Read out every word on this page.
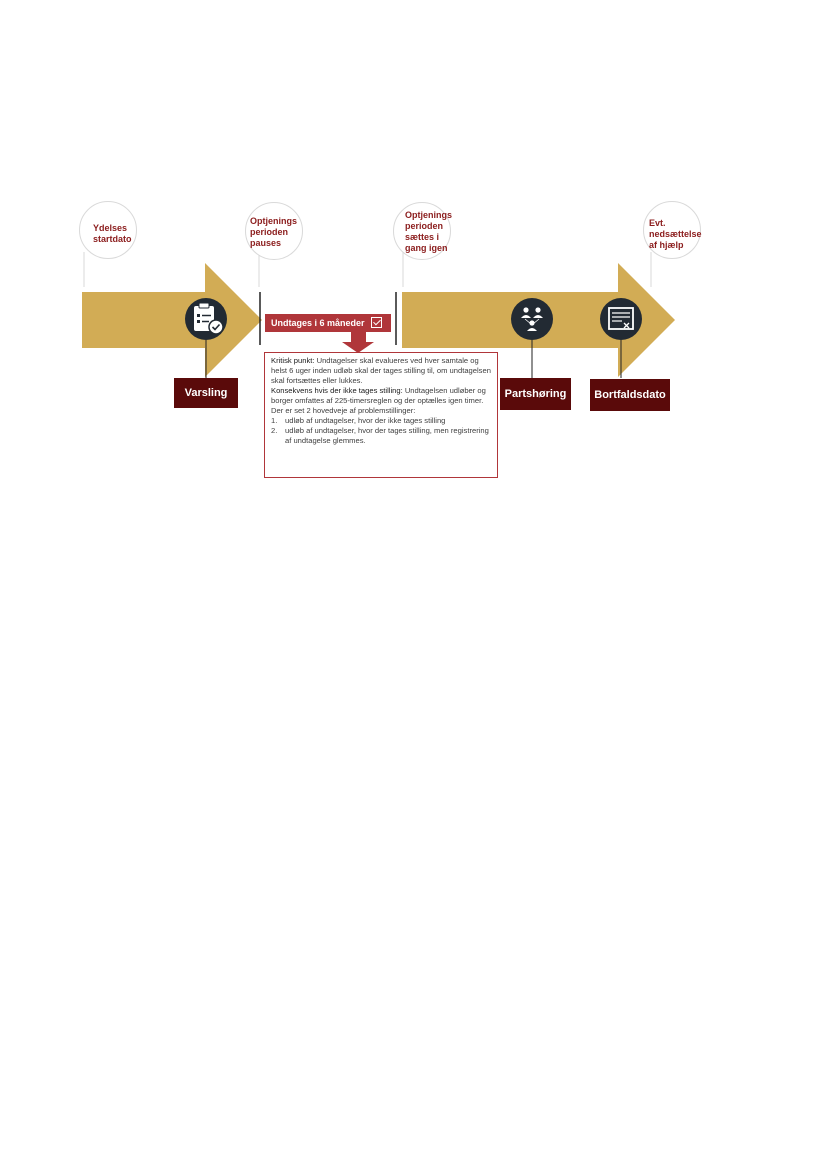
Ydelses
startdato
Optjenings
perioden
pauses
Optjenings
perioden
sættes i
gang igen
Evt.
nedsættelse
af hjælp
Undtages i 6 måneder
Varsling	Partshøring	Bortfaldsdato

Kritisk punkt: Undtagelser skal evalueres ved hver samtale og helst 6 uger inden udløb skal der tages stilling til, om undtagelsen skal fortsættes eller lukkes.

Konsekvens hvis der ikke tages stilling: Undtagelsen udløber og borger omfattes af 225-timersreglen og der optælles igen timer.

Der er set 2 hovedveje af problemstillinger:

1. udløb af undtagelser, hvor der ikke tages stilling
2. udløb af undtagelser, hvor der tages stilling, men registrering af undtagelse glemmes.
